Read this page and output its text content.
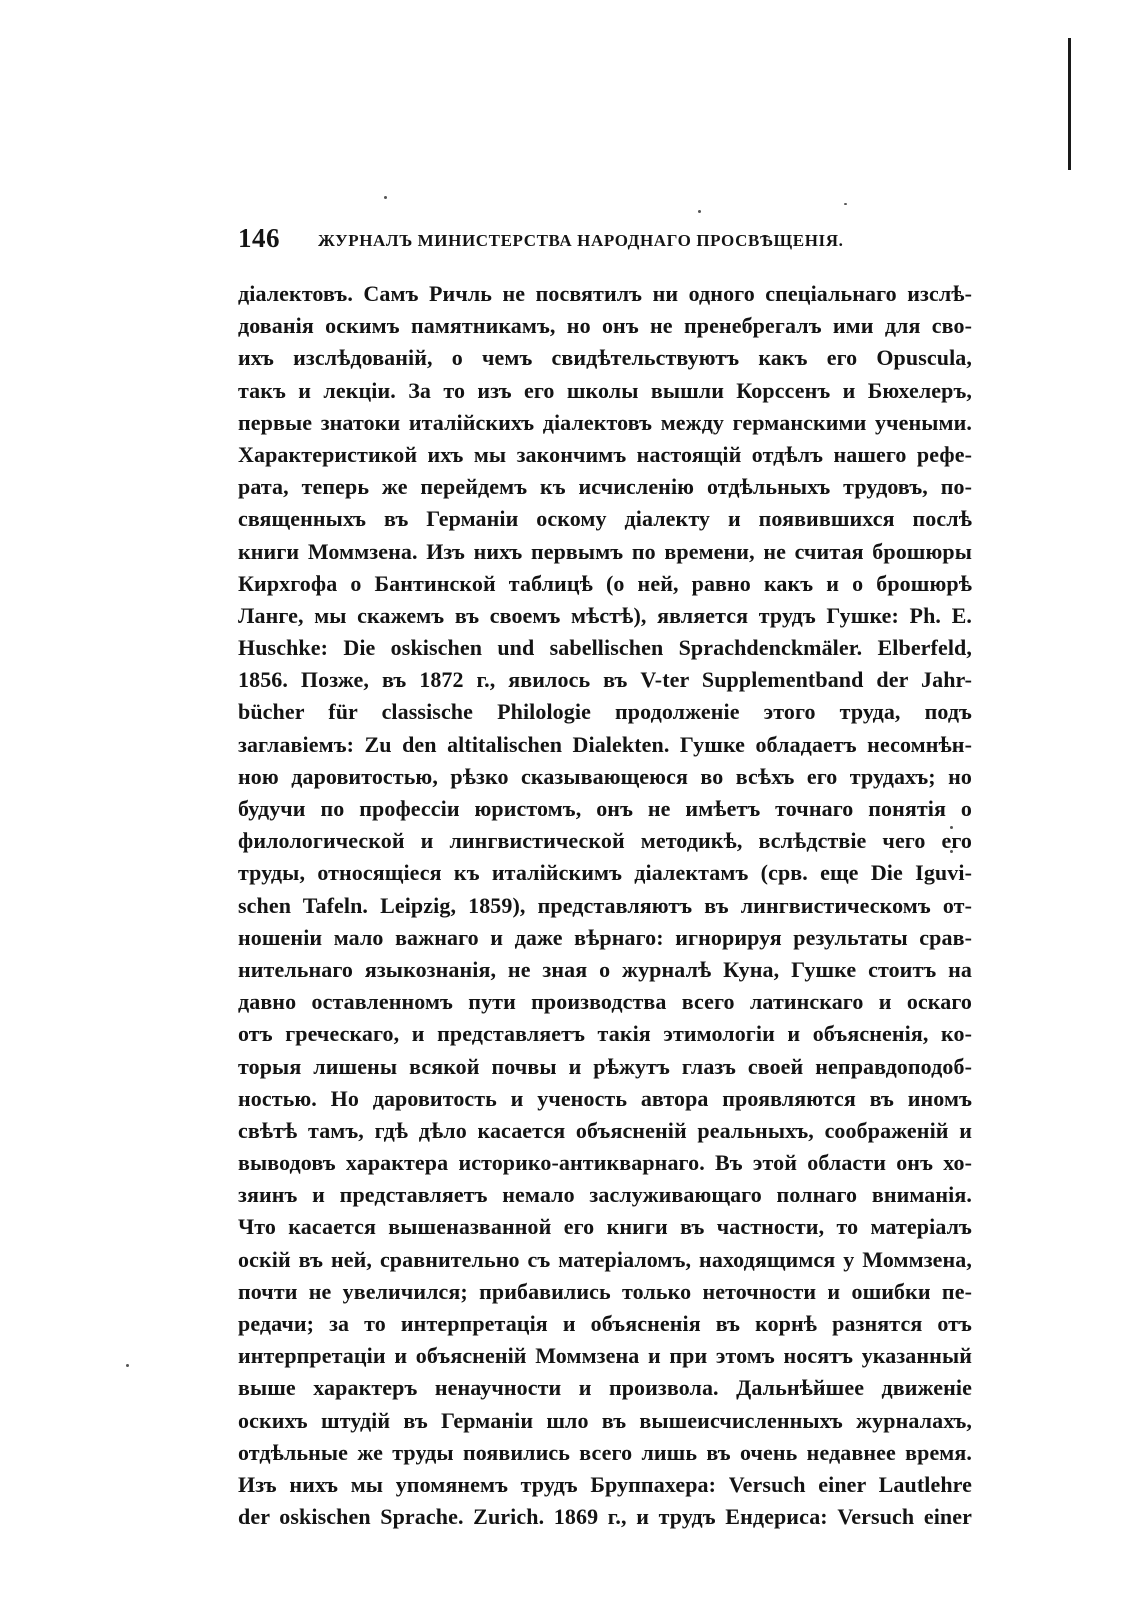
146 ЖУРНАЛЪ МИНИСТЕРСТВА НАРОДНАГО ПРОСВѢЩЕНІЯ.
діалектовъ. Самъ Ричль не посвятилъ ни одного спеціальнаго изслѣ-
дованія оскимъ памятникамъ, но онъ не пренебрегалъ ими для сво-
ихъ изслѣдованій, о чемъ свидѣтельствуютъ какъ его Opuscula,
такъ и лекціи. За то изъ его школы вышли Корссенъ и Бюхелеръ,
первые знатоки италійскихъ діалектовъ между германскими учеными.
Характеристикой ихъ мы закончимъ настоящій отдѣлъ нашего рефе-
рата, теперь же перейдемъ къ исчисленію отдѣльныхъ трудовъ, по-
священныхъ въ Германіи оскому діалекту и появившихся послѣ
книги Моммзена. Изъ нихъ первымъ по времени, не считая брошюры
Кирхгофа о Бантинской таблицѣ (о ней, равно какъ и о брошюрѣ
Ланге, мы скажемъ въ своемъ мѣстѣ), является трудъ Гушке: Ph. E.
Huschke: Die oskischen und sabellischen Sprachdenckmäler. Elberfeld,
1856. Позже, въ 1872 г., явилось въ V-ter Supplementband der Jahr-
bücher für classische Philologie продолженіе этого труда, подъ
заглавіемъ: Zu den altitalischen Dialekten. Гушке обладаетъ несомнѣн-
ною даровитостью, рѣзко сказывающеюся во всѣхъ его трудахъ; но
будучи по профессіи юристомъ, онъ не имѣетъ точнаго понятія о
филологической и лингвистической методикѣ, вслѣдствіе чего его
труды, относящіеся къ италійскимъ діалектамъ (срв. еще Die Iguvi-
schen Tafeln. Leipzig, 1859), представляютъ въ лингвистическомъ от-
ношеніи мало важнаго и даже вѣрнаго: игнорируя результаты срав-
нительнаго языкознанія, не зная о журналѣ Куна, Гушке стоитъ на
давно оставленномъ пути производства всего латинскаго и оскаго
отъ греческаго, и представляетъ такія этимологіи и объясненія, ко-
торыя лишены всякой почвы и рѣжутъ глазъ своей неправдоподоб-
ностью. Но даровитость и ученость автора проявляются въ иномъ
свѣтѣ тамъ, гдѣ дѣло касается объясненій реальныхъ, соображеній и
выводовъ характера историко-антикварнаго. Въ этой области онъ хо-
зяинъ и представляетъ немало заслуживающаго полнаго вниманія.
Что касается вышеназванной его книги въ частности, то матеріалъ
оскій въ ней, сравнительно съ матеріаломъ, находящимся у Моммзена,
почти не увеличился; прибавились только неточности и ошибки пе-
редачи; за то интерпретація и объясненія въ корнѣ разнятся отъ
интерпретаціи и объясненій Моммзена и при этомъ носятъ указанный
выше характеръ ненаучности и произвола. Дальнѣйшее движеніе
оскихъ штудій въ Германіи шло въ вышеисчисленныхъ журналахъ,
отдѣльные же труды появились всего лишь въ очень недавнее время.
Изъ нихъ мы упомянемъ трудъ Бруппахера: Versuch einer Lautlehre
der oskischen Sprache. Zurich. 1869 г., и трудъ Ендериса: Versuch einer
